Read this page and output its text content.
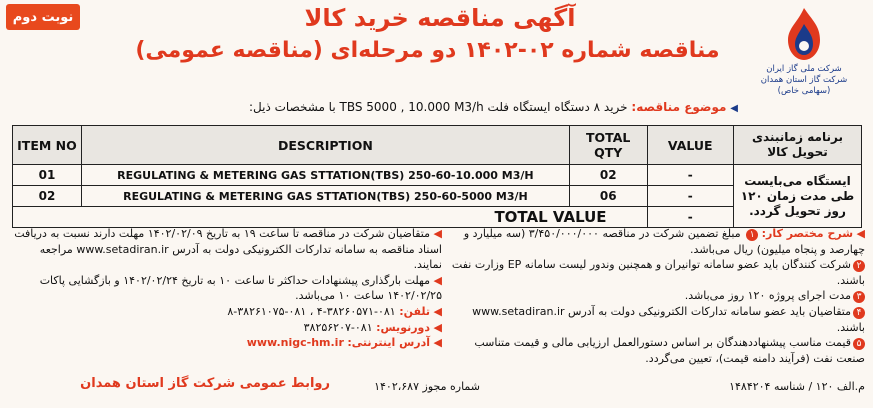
نوبت دوم	آگهی مناقصه خرید کالا
مناقصه شماره ۰۲-۱۴۰۲ دو مرحله‌ای (مناقصه عمومی)
شرکت ملی گاز ایران
شرکت گاز استان همدان
(سهامی خاص)
◀ موضوع مناقصه: خرید ۸ دستگاه ایستگاه فلت TBS 5000 , 10.000 M3/h با مشخصات ذیل:
ITEM NO	DESCRIPTION	TOTAL QTY	VALUE	برنامه زمانبندی تحویل کالا
01	REGULATING & METERING GAS STTATION(TBS) 250-60-10.000 M3/H	02	-	ایستگاه می‌بایست طی مدت زمان ۱۲۰ روز تحویل گردد.
02	REGULATING & METERING GAS STTATION(TBS) 250-60-5000 M3/H	06	-	
TOTAL VALUE			-	

◀ شرح مختصر کار: ۱ مبلغ تضمین شرکت در مناقصه ۳/۴۵۰/۰۰۰/۰۰۰ (سه میلیارد و چهارصد و پنجاه میلیون) ریال می‌باشد.

۲شرکت کنندگان باید عضو سامانه توانیران و همچنین وندور لیست سامانه EP وزارت نفت باشند.

۳مدت اجرای پروژه ۱۲۰ روز می‌باشد.

۴متقاضیان باید عضو سامانه تدارکات الکترونیکی دولت به آدرس www.setadiran.ir باشند.

۵قیمت مناسب پیشنهاددهندگان بر اساس دستورالعمل ارزیابی مالی و قیمت متناسب صنعت نفت (فرآیند دامنه قیمت)، تعیین می‌گردد.

◀ متقاضیان شرکت در مناقصه تا ساعت ۱۹ به تاریخ ۱۴۰۲/۰۲/۰۹ مهلت دارند نسبت به دریافت اسناد مناقصه به سامانه تدارکات الکترونیکی دولت به آدرس www.setadiran.ir مراجعه نمایند.

◀ مهلت بارگذاری پیشنهادات حداکثر تا ساعت ۱۰ به تاریخ ۱۴۰۲/۰۲/۲۴ و بازگشایی پاکات ۱۴۰۲/۰۲/۲۵ ساعت ۱۰ می‌باشد.

◀ تلفن: ۰۸۱-۳۸۲۶۰۵۷۱-۴ ، ۰۸۱-۳۸۲۶۱۰۷۵-۸

◀ دورنویس: ۰۸۱-۳۸۲۵۶۲۰۷

◀ آدرس اینترنتی: www.nigc-hm.ir

روابط عمومی شرکت گاز استان همدان	شماره مجوز ۱۴۰۲،۶۸۷	م.الف ۱۲۰ / شناسه ۱۴۸۴۲۰۴
